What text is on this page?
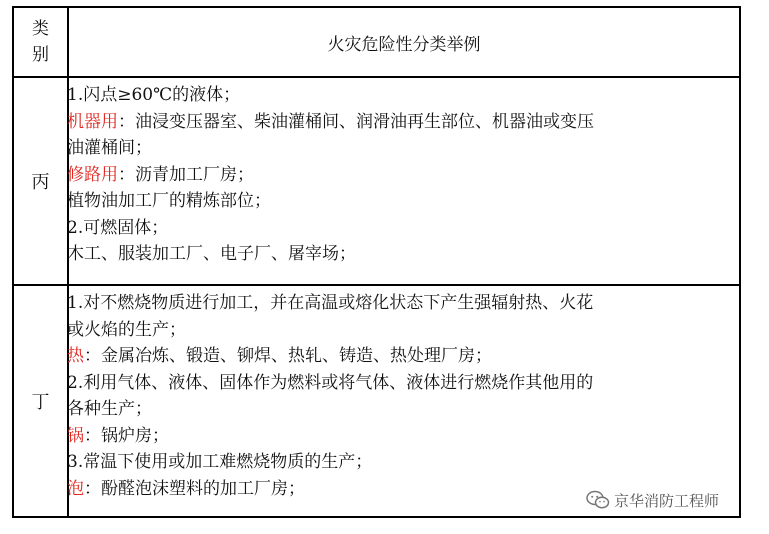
类
别
火灾危险性分类举例
丙
丁
1.闪点≥60℃的液体；
机器用：油浸变压器室、柴油灌桶间、润滑油再生部位、机器油或变压
油灌桶间；
修路用：沥青加工厂房；
植物油加工厂的精炼部位；
2.可燃固体；
木工、服装加工厂、电子厂、屠宰场；
1.对不燃烧物质进行加工，并在高温或熔化状态下产生强辐射热、火花
或火焰的生产；
热：金属冶炼、锻造、铆焊、热轧、铸造、热处理厂房；
2.利用气体、液体、固体作为燃料或将气体、液体进行燃烧作其他用的
各种生产；
锅：锅炉房；
3.常温下使用或加工难燃烧物质的生产；
泡：酚醛泡沫塑料的加工厂房；
京华消防工程师
